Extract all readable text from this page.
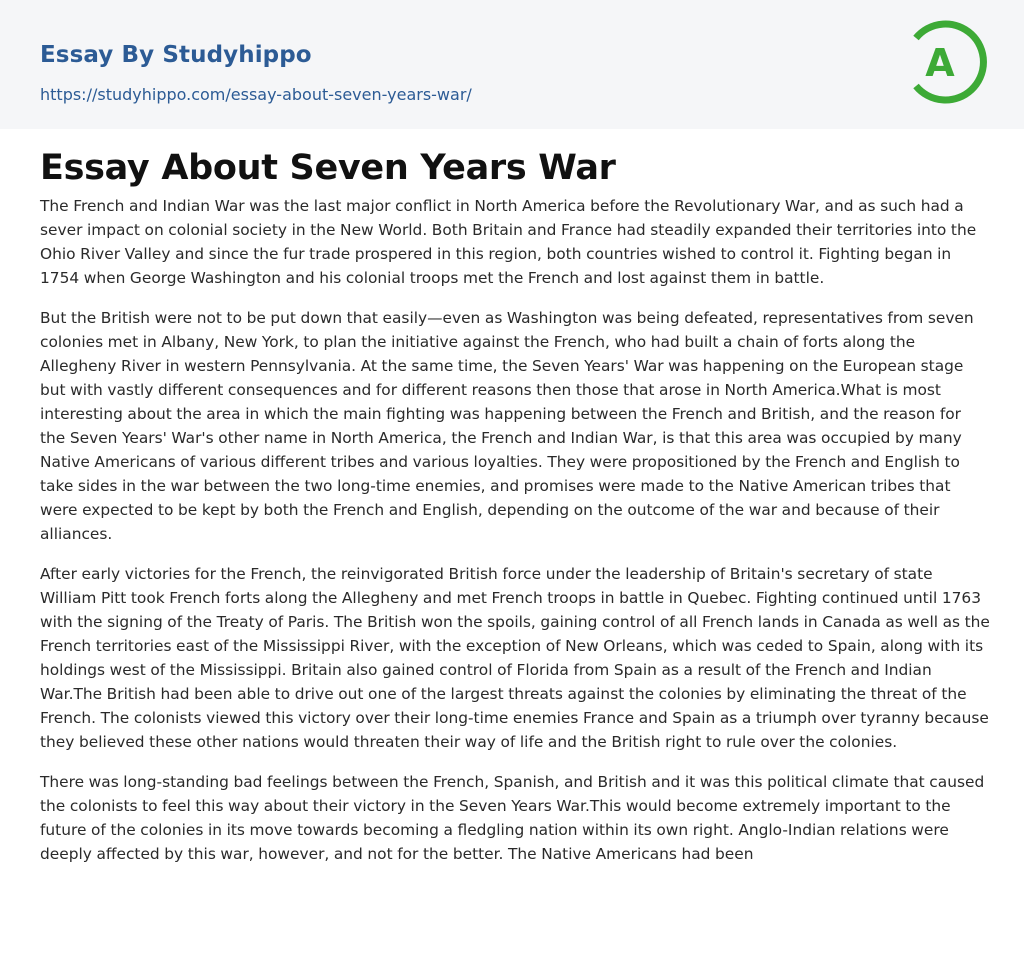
Essay By Studyhippo
https://studyhippo.com/essay-about-seven-years-war/
A
Essay About Seven Years War

The French and Indian War was the last major conflict in North America before the Revolutionary War, and as such had a sever impact on colonial society in the New World. Both Britain and France had steadily expanded their territories into the Ohio River Valley and since the fur trade prospered in this region, both countries wished to control it. Fighting began in 1754 when George Washington and his colonial troops met the French and lost against them in battle.

But the British were not to be put down that easily—even as Washington was being defeated, representatives from seven colonies met in Albany, New York, to plan the initiative against the French, who had built a chain of forts along the Allegheny River in western Pennsylvania. At the same time, the Seven Years' War was happening on the European stage but with vastly different consequences and for different reasons then those that arose in North America.What is most interesting about the area in which the main fighting was happening between the French and British, and the reason for the Seven Years' War's other name in North America, the French and Indian War, is that this area was occupied by many Native Americans of various different tribes and various loyalties. They were propositioned by the French and English to take sides in the war between the two long-time enemies, and promises were made to the Native American tribes that were expected to be kept by both the French and English, depending on the outcome of the war and because of their alliances.

After early victories for the French, the reinvigorated British force under the leadership of Britain's secretary of state William Pitt took French forts along the Allegheny and met French troops in battle in Quebec. Fighting continued until 1763 with the signing of the Treaty of Paris. The British won the spoils, gaining control of all French lands in Canada as well as the French territories east of the Mississippi River, with the exception of New Orleans, which was ceded to Spain, along with its holdings west of the Mississippi. Britain also gained control of Florida from Spain as a result of the French and Indian War.The British had been able to drive out one of the largest threats against the colonies by eliminating the threat of the French. The colonists viewed this victory over their long-time enemies France and Spain as a triumph over tyranny because they believed these other nations would threaten their way of life and the British right to rule over the colonies.

There was long-standing bad feelings between the French, Spanish, and British and it was this political climate that caused the colonists to feel this way about their victory in the Seven Years War.This would become extremely important to the future of the colonies in its move towards becoming a fledgling nation within its own right. Anglo-Indian relations were deeply affected by this war, however, and not for the better. The Native Americans had been
